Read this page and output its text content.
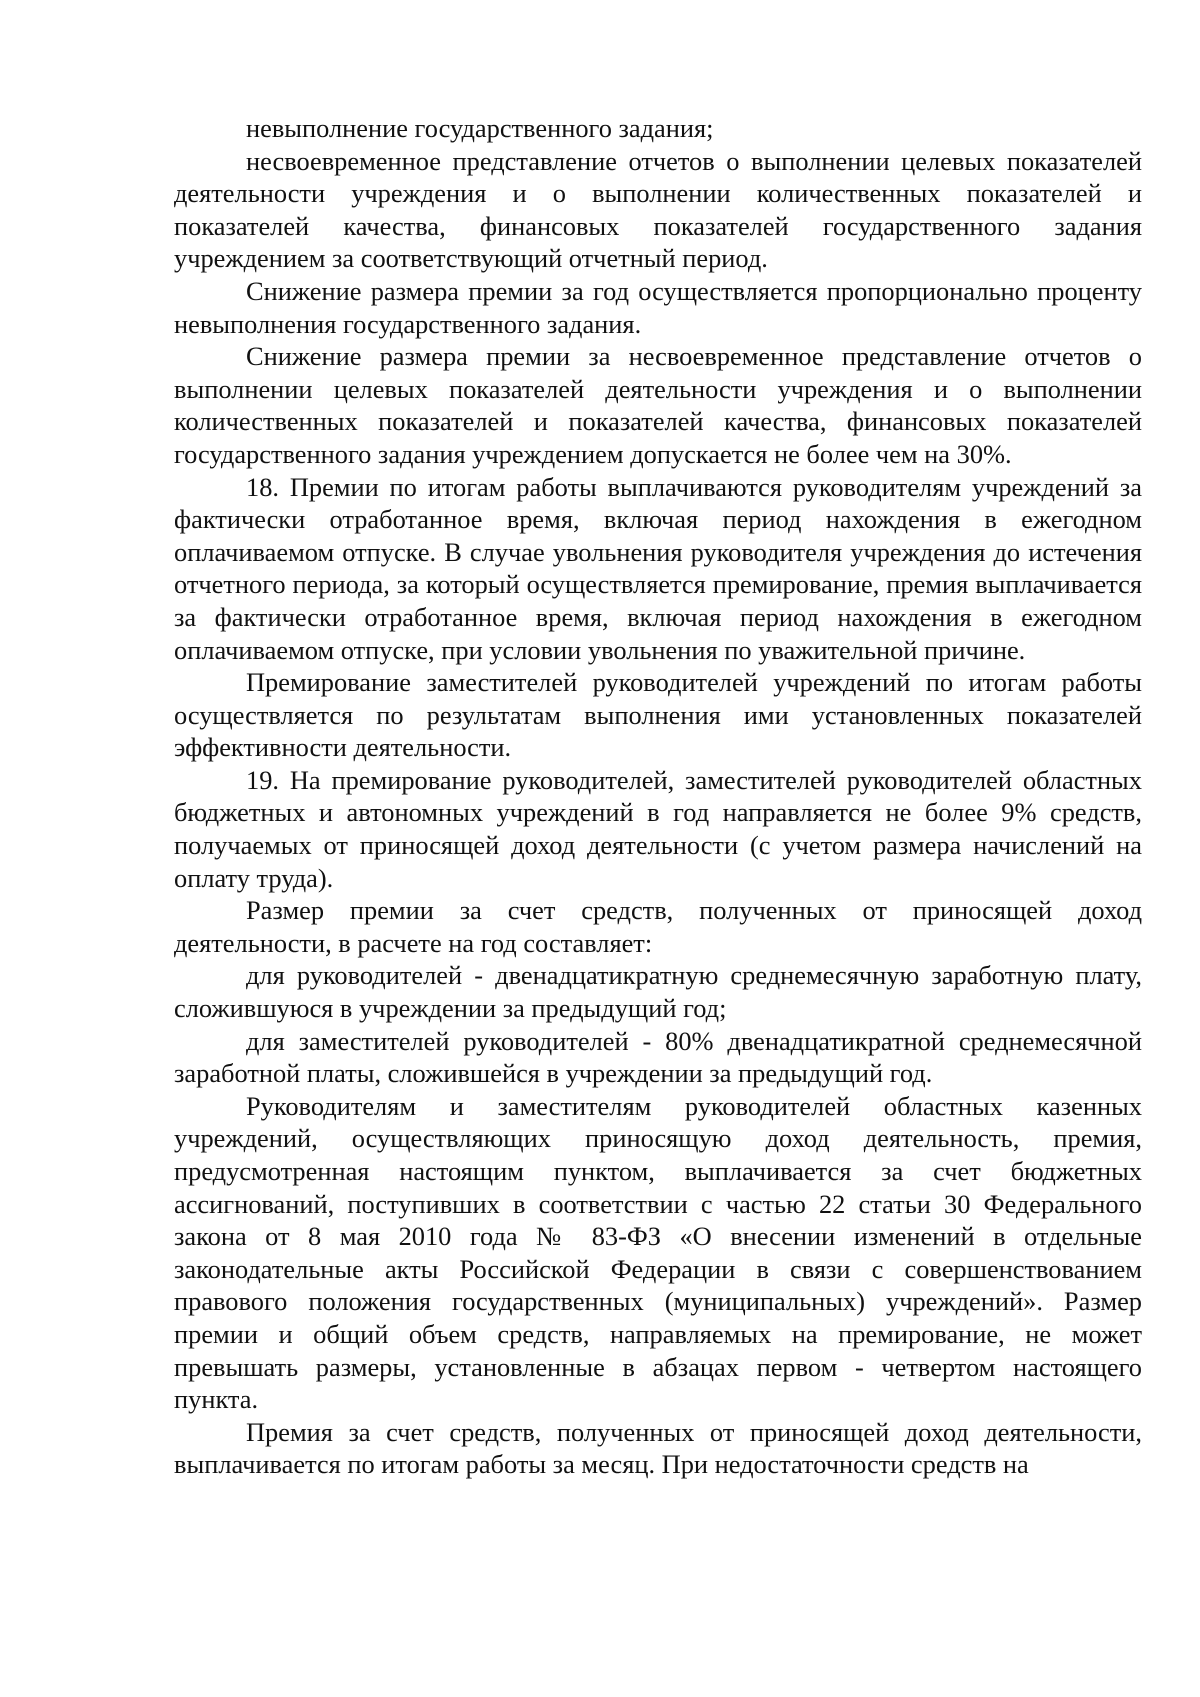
невыполнение государственного задания;

несвоевременное представление отчетов о выполнении целевых показателей деятельности учреждения и о выполнении количественных показателей и показателей качества, финансовых показателей государственного задания учреждением за соответствующий отчетный период.

Снижение размера премии за год осуществляется пропорционально проценту невыполнения государственного задания.

Снижение размера премии за несвоевременное представление отчетов о выполнении целевых показателей деятельности учреждения и о выполнении количественных показателей и показателей качества, финансовых показателей государственного задания учреждением допускается не более чем на 30%.

18. Премии по итогам работы выплачиваются руководителям учреждений за фактически отработанное время, включая период нахождения в ежегодном оплачиваемом отпуске. В случае увольнения руководителя учреждения до истечения отчетного периода, за который осуществляется премирование, премия выплачивается за фактически отработанное время, включая период нахождения в ежегодном оплачиваемом отпуске, при условии увольнения по уважительной причине.

Премирование заместителей руководителей учреждений по итогам работы осуществляется по результатам выполнения ими установленных показателей эффективности деятельности.

19. На премирование руководителей, заместителей руководителей областных бюджетных и автономных учреждений в год направляется не более 9% средств, получаемых от приносящей доход деятельности (с учетом размера начислений на оплату труда).

Размер премии за счет средств, полученных от приносящей доход деятельности, в расчете на год составляет:

для руководителей - двенадцатикратную среднемесячную заработную плату, сложившуюся в учреждении за предыдущий год;

для заместителей руководителей - 80% двенадцатикратной среднемесячной заработной платы, сложившейся в учреждении за предыдущий год.

Руководителям и заместителям руководителей областных казенных учреждений, осуществляющих приносящую доход деятельность, премия, предусмотренная настоящим пунктом, выплачивается за счет бюджетных ассигнований, поступивших в соответствии с частью 22 статьи 30 Федерального закона от 8 мая 2010 года № 83-ФЗ «О внесении изменений в отдельные законодательные акты Российской Федерации в связи с совершенствованием правового положения государственных (муниципальных) учреждений». Размер премии и общий объем средств, направляемых на премирование, не может превышать размеры, установленные в абзацах первом - четвертом настоящего пункта.

Премия за счет средств, полученных от приносящей доход деятельности, выплачивается по итогам работы за месяц. При недостаточности средств на
